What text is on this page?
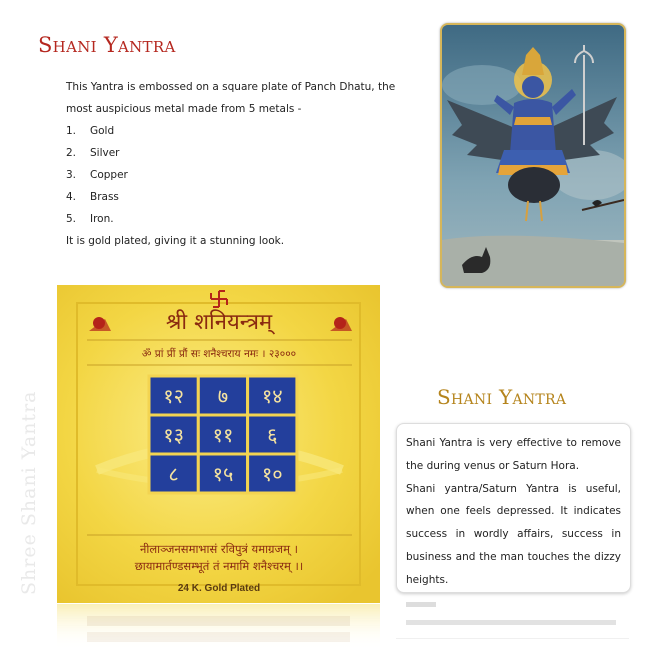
Shani Yantra
This Yantra is embossed on a square plate of Panch Dhatu, the most auspicious metal made from 5 metals -
1.	Gold
2.	Silver
3.	Copper
4.	Brass
5.	Iron.
It is gold plated, giving it a stunning look.
Shree Shani Yantra
श्री शनियन्त्रम्
ॐ प्रां प्रीं प्रौं सः शनैश्चराय नमः । २३०००
१२ ७ १४
१३ ११ ६
८ १५ १०
नीलाञ्जनसमाभासं रविपुत्रं यमाग्रजम् ।
छायामार्तण्डसम्भूतं तं नमामि शनैश्चरम् ।।
24 K. Gold Plated
Shani Yantra
Shani Yantra is very effective to remove the during venus or Saturn Hora.
Shani yantra/Saturn Yantra is useful, when one feels depressed. It indicates success in wordly affairs, success in business and the man touches the dizzy heights.
